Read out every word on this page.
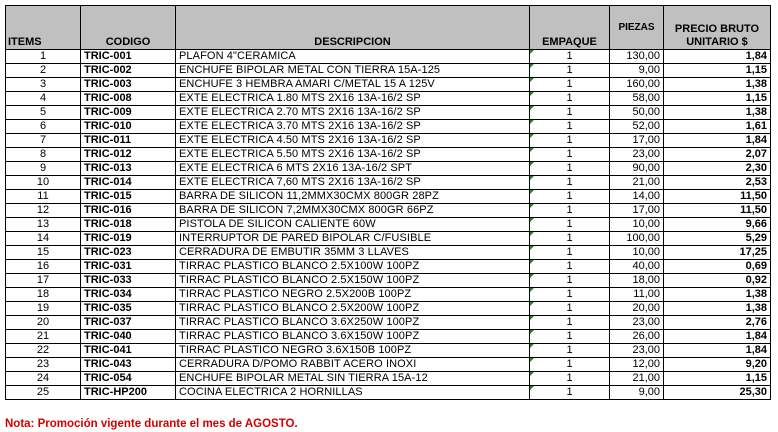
ITEMS	CODIGO	DESCRIPCION	EMPAQUE	PIEZAS	PRECIO BRUTO UNITARIO $
1	TRIC-001	PLAFON 4"CERAMICA	1	130,00	1,84
2	TRIC-002	ENCHUFE BIPOLAR METAL CON TIERRA 15A-125	1	9,00	1,15
3	TRIC-003	ENCHUFE 3 HEMBRA AMARI C/METAL 15 A 125V	1	160,00	1,38
4	TRIC-008	EXTE ELECTRICA 1.80 MTS 2X16 13A-16/2 SP	1	58,00	1,15
5	TRIC-009	EXTE ELECTRICA 2.70 MTS 2X16 13A-16/2 SP	1	50,00	1,38
6	TRIC-010	EXTE ELECTRICA 3.70 MTS 2X16 13A-16/2 SP	1	52,00	1,61
7	TRIC-011	EXTE ELECTRICA 4.50 MTS 2X16 13A-16/2 SP	1	17,00	1,84
8	TRIC-012	EXTE ELECTRICA 5.50 MTS 2X16 13A-16/2 SP	1	23,00	2,07
9	TRIC-013	EXTE ELECTRICA 6 MTS 2X16 13A-16/2 SPT	1	90,00	2,30
10	TRIC-014	EXTE ELECTRICA 7,60 MTS 2X16 13A-16/2 SP	1	21,00	2,53
11	TRIC-015	BARRA DE SILICON 11,2MMX30CMX 800GR 28PZ	1	14,00	11,50
12	TRIC-016	BARRA DE SILICON 7,2MMX30CMX 800GR 66PZ	1	17,00	11,50
13	TRIC-018	PISTOLA DE SILICON CALIENTE 60W	1	10,00	9,66
14	TRIC-019	INTERRUPTOR DE PARED BIPOLAR C/FUSIBLE	1	100,00	5,29
15	TRIC-023	CERRADURA DE EMBUTIR 35MM 3 LLAVES	1	10,00	17,25
16	TRIC-031	TIRRAC PLASTICO BLANCO 2.5X100W 100PZ	1	40,00	0,69
17	TRIC-033	TIRRAC PLASTICO BLANCO 2.5X150W 100PZ	1	18,00	0,92
18	TRIC-034	TIRRAC PLASTICO NEGRO 2.5X200B 100PZ	1	11,00	1,38
19	TRIC-035	TIRRAC PLASTICO BLANCO 2.5X200W 100PZ	1	20,00	1,38
20	TRIC-037	TIRRAC PLASTICO BLANCO 3.6X250W 100PZ	1	23,00	2,76
21	TRIC-040	TIRRAC PLASTICO BLANCO 3.6X150W 100PZ	1	26,00	1,84
22	TRIC-041	TIRRAC PLASTICO NEGRO 3.6X150B 100PZ	1	23,00	1,84
23	TRIC-043	CERRADURA D/POMO RABBIT ACERO INOXI	1	12,00	9,20
24	TRIC-054	ENCHUFE BIPOLAR METAL SIN TIERRA 15A-12	1	21,00	1,15
25	TRIC-HP200	COCINA ELECTRICA 2 HORNILLAS	1	9,00	25,30
Nota: Promoción vigente durante el mes de AGOSTO.
